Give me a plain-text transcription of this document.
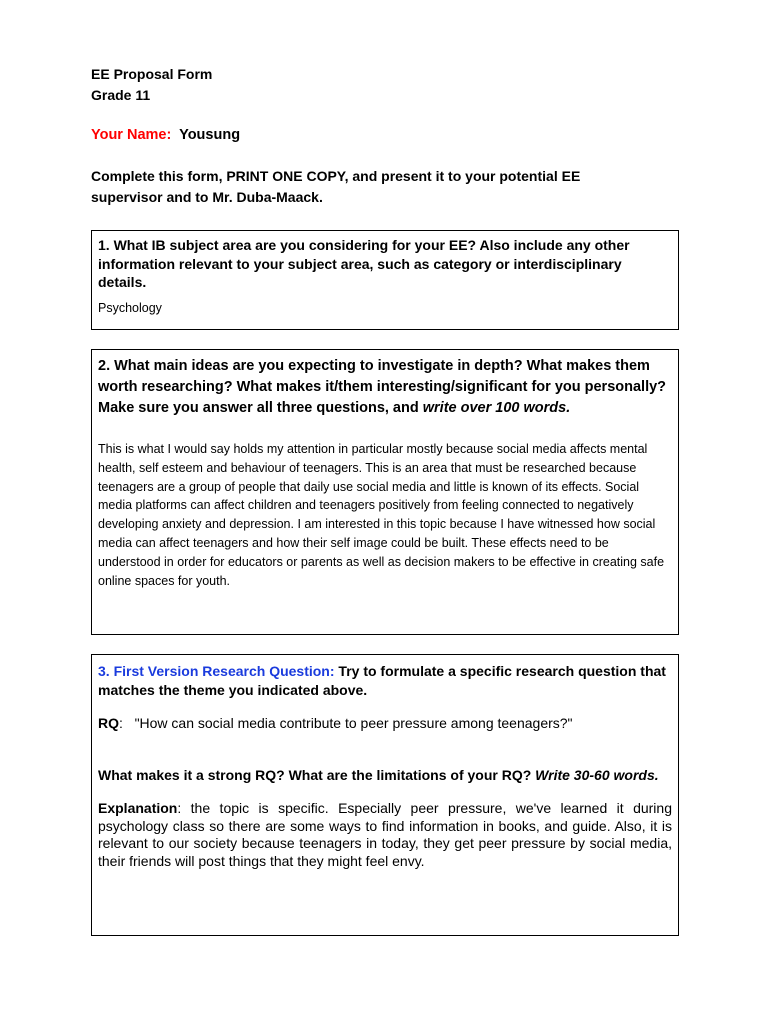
EE Proposal Form
Grade 11
Your Name: Yousung
Complete this form, PRINT ONE COPY, and present it to your potential EE supervisor and to Mr. Duba-Maack.
1. What IB subject area are you considering for your EE? Also include any other information relevant to your subject area, such as category or interdisciplinary details.
Psychology
2. What main ideas are you expecting to investigate in depth? What makes them worth researching? What makes it/them interesting/significant for you personally? Make sure you answer all three questions, and write over 100 words.
This is what I would say holds my attention in particular mostly because social media affects mental health, self esteem and behaviour of teenagers. This is an area that must be researched because teenagers are a group of people that daily use social media and little is known of its effects. Social media platforms can affect children and teenagers positively from feeling connected to negatively developing anxiety and depression. I am interested in this topic because I have witnessed how social media can affect teenagers and how their self image could be built. These effects need to be understood in order for educators or parents as well as decision makers to be effective in creating safe online spaces for youth.
3. First Version Research Question: Try to formulate a specific research question that matches the theme you indicated above.
RQ:   "How can social media contribute to peer pressure among teenagers?"
What makes it a strong RQ? What are the limitations of your RQ? Write 30-60 words.
Explanation: the topic is specific. Especially peer pressure, we've learned it during psychology class so there are some ways to find information in books, and guide. Also, it is relevant to our society because teenagers in today, they get peer pressure by social media, their friends will post things that they might feel envy.
